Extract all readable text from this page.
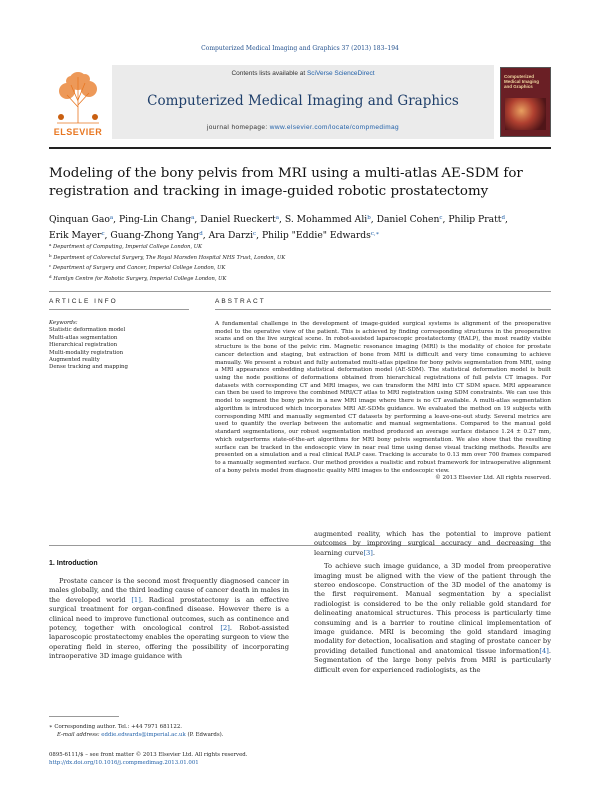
Computerized Medical Imaging and Graphics 37 (2013) 183–194
ELSEVIER
Contents lists available at SciVerse ScienceDirect
Computerized Medical Imaging and Graphics
journal homepage: www.elsevier.com/locate/compmedimag
Computerized Medical Imaging and Graphics
Modeling of the bony pelvis from MRI using a multi-atlas AE-SDM for registration and tracking in image-guided robotic prostatectomy
Qinquan Gao$^a$, Ping-Lin Chang$^a$, Daniel Rueckert$^a$, S. Mohammed Ali$^b$, Daniel Cohen$^c$, Philip Pratt$^d$,
Erik Mayer$^c$, Guang-Zhong Yang$^d$, Ara Darzi$^c$, Philip "Eddie" Edwards$^{c,∗}$
$^a$ Department of Computing, Imperial College London, UK
$^b$ Department of Colorectal Surgery, The Royal Marsden Hospital NHS Trust, London, UK
$^c$ Department of Surgery and Cancer, Imperial College London, UK
$^d$ Hamlyn Centre for Robotic Surgery, Imperial College London, UK
ARTICLE INFO	ABSTRACT
Keywords:
Statistic deformation model
Multi-atlas segmentation
Hierarchical registration
Multi-modality registration
Augmented reality
Dense tracking and mapping
A fundamental challenge in the development of image-guided surgical systems is alignment of the preoperative model to the operative view of the patient. This is achieved by finding corresponding structures in the preoperative scans and on the live surgical scene. In robot-assisted laparoscopic prostatectomy (RALP), the most readily visible structure is the bone of the pelvic rim. Magnetic resonance imaging (MRI) is the modality of choice for prostate cancer detection and staging, but extraction of bone from MRI is difficult and very time consuming to achieve manually. We present a robust and fully automated multi-atlas pipeline for bony pelvis segmentation from MRI, using a MRI appearance embedding statistical deformation model (AE-SDM). The statistical deformation model is built using the node positions of deformations obtained from hierarchical registrations of full pelvis CT images. For datasets with corresponding CT and MRI images, we can transform the MRI into CT SDM space. MRI appearance can then be used to improve the combined MRI/CT atlas to MRI registration using SDM constraints. We can use this model to segment the bony pelvis in a new MRI image where there is no CT available. A multi-atlas segmentation algorithm is introduced which incorporates MRI AE-SDMs guidance. We evaluated the method on 19 subjects with corresponding MRI and manually segmented CT datasets by performing a leave-one-out study. Several metrics are used to quantify the overlap between the automatic and manual segmentations. Compared to the manual gold standard segmentations, our robust segmentation method produced an average surface distance 1.24 ± 0.27 mm, which outperforms state-of-the-art algorithms for MRI bony pelvis segmentation. We also show that the resulting surface can be tracked in the endoscopic view in near real time using dense visual tracking methods. Results are presented on a simulation and a real clinical RALP case. Tracking is accurate to 0.13 mm over 700 frames compared to a manually segmented surface. Our method provides a realistic and robust framework for intraoperative alignment of a bony pelvis model from diagnostic quality MRI images to the endoscopic view.
© 2013 Elsevier Ltd. All rights reserved.
1. Introduction

Prostate cancer is the second most frequently diagnosed cancer in males globally, and the third leading cause of cancer death in males in the developed world [1]. Radical prostatectomy is an effective surgical treatment for organ-confined disease. However there is a clinical need to improve functional outcomes, such as continence and potency, together with oncological control [2]. Robot-assisted laparoscopic prostatectomy enables the operating surgeon to view the operating field in stereo, offering the possibility of incorporating intraoperative 3D image guidance with

augmented reality, which has the potential to improve patient outcomes by improving surgical accuracy and decreasing the learning curve[3].

To achieve such image guidance, a 3D model from preoperative imaging must be aligned with the view of the patient through the stereo endoscope. Construction of the 3D model of the anatomy is the first requirement. Manual segmentation by a specialist radiologist is considered to be the only reliable gold standard for delineating anatomical structures. This process is particularly time consuming and is a barrier to routine clinical implementation of image guidance. MRI is becoming the gold standard imaging modality for detection, localisation and staging of prostate cancer by providing detailed functional and anatomical tissue information[4]. Segmentation of the large bony pelvis from MRI is particularly difficult even for experienced radiologists, as the

∗ Corresponding author. Tel.: +44 7971 681122.
E-mail address: eddie.edwards@imperial.ac.uk (P. Edwards).
0895-6111/$ – see front matter © 2013 Elsevier Ltd. All rights reserved.
http://dx.doi.org/10.1016/j.compmedimag.2013.01.001
